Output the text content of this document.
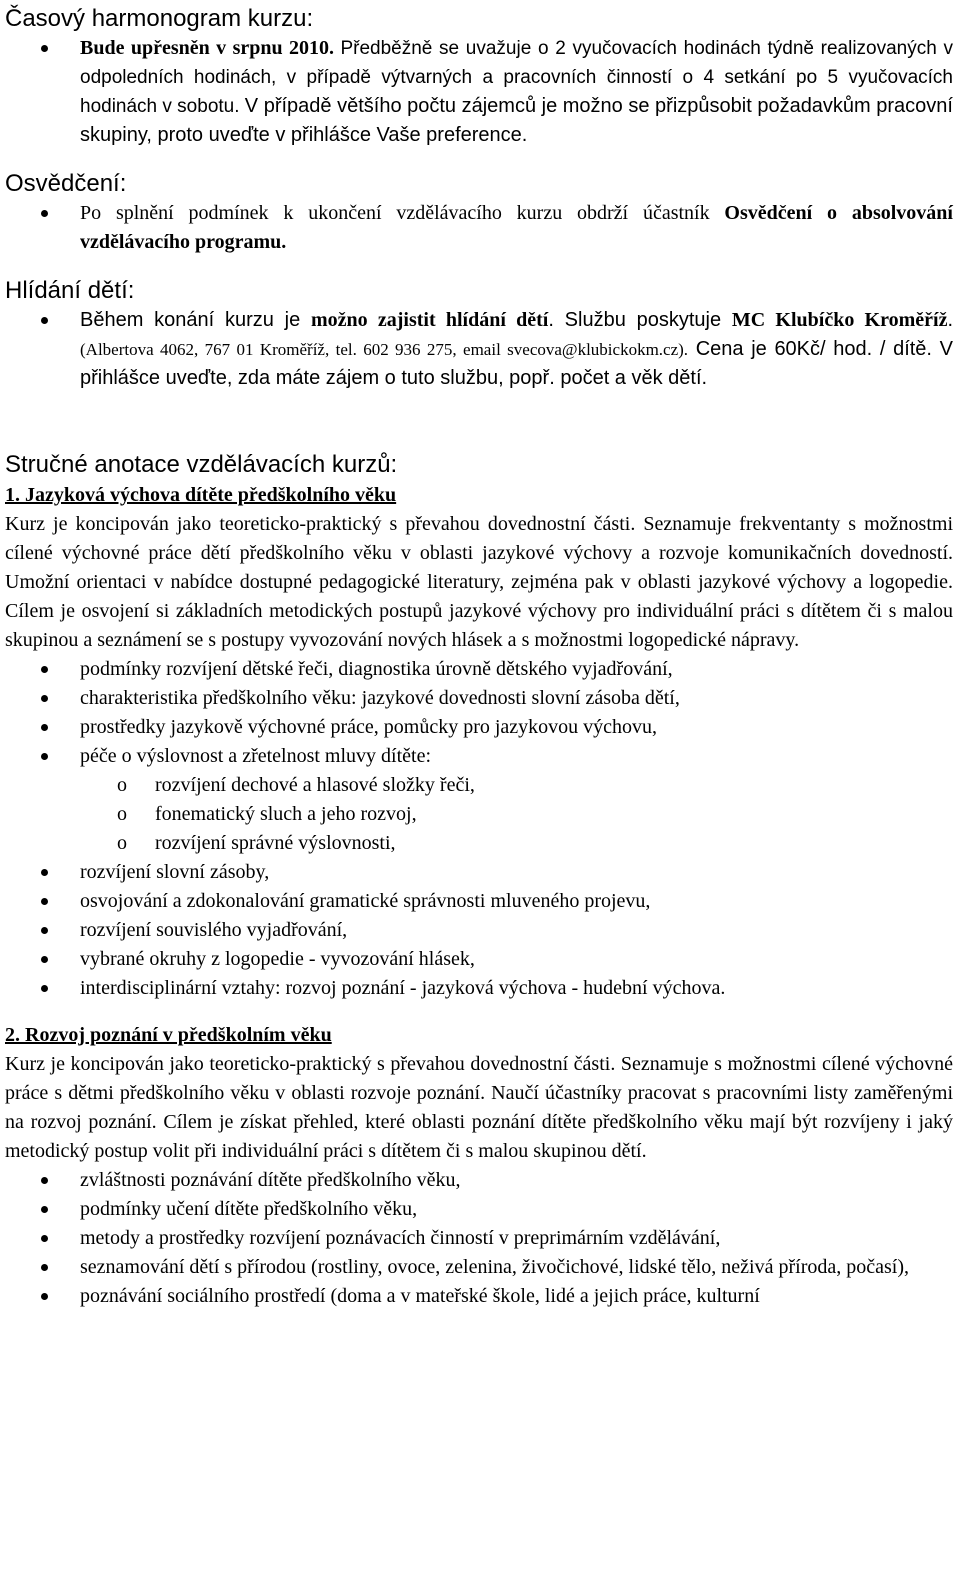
Časový harmonogram kurzu:
Bude upřesněn v srpnu 2010. Předběžně se uvažuje o 2 vyučovacích hodinách týdně realizovaných v odpoledních hodinách, v případě výtvarných a pracovních činností o 4 setkání po 5 vyučovacích hodinách v sobotu. V případě většího počtu zájemců je možno se přizpůsobit požadavkům pracovní skupiny, proto uveďte v přihlášce Vaše preference.
Osvědčení:
Po splnění podmínek k ukončení vzdělávacího kurzu obdrží účastník Osvědčení o absolvování vzdělávacího programu.
Hlídání dětí:
Během konání kurzu je možno zajistit hlídání dětí. Službu poskytuje MC Klubíčko Kroměříž. (Albertova 4062, 767 01 Kroměříž, tel. 602 936 275, email svecova@klubickokm.cz). Cena je 60Kč/ hod. / dítě. V přihlášce uveďte, zda máte zájem o tuto službu, popř. počet a věk dětí.
Stručné anotace vzdělávacích kurzů:
1. Jazyková výchova dítěte předškolního věku

Kurz je koncipován jako teoreticko-praktický s převahou dovednostní části. Seznamuje frekventanty s možnostmi cílené výchovné práce dětí předškolního věku v oblasti jazykové výchovy a rozvoje komunikačních dovedností. Umožní orientaci v nabídce dostupné pedagogické literatury, zejména pak v oblasti jazykové výchovy a logopedie. Cílem je osvojení si základních metodických postupů jazykové výchovy pro individuální práci s dítětem či s malou skupinou a seznámení se s postupy vyvozování nových hlásek a s možnostmi logopedické nápravy.

podmínky rozvíjení dětské řeči, diagnostika úrovně dětského vyjadřování,
charakteristika předškolního věku: jazykové dovednosti slovní zásoba dětí,
prostředky jazykově výchovné práce, pomůcky pro jazykovou výchovu,
péče o výslovnost a zřetelnost mluvy dítěte:
o rozvíjení dechové a hlasové složky řeči,
o fonematický sluch a jeho rozvoj,
o rozvíjení správné výslovnosti,
rozvíjení slovní zásoby,
osvojování a zdokonalování gramatické správnosti mluveného projevu,
rozvíjení souvislého vyjadřování,
vybrané okruhy z logopedie - vyvozování hlásek,
interdisciplinární vztahy: rozvoj poznání - jazyková výchova - hudební výchova.
2. Rozvoj poznání v předškolním věku

Kurz je koncipován jako teoreticko-praktický s převahou dovednostní části. Seznamuje s možnostmi cílené výchovné práce s dětmi předškolního věku v oblasti rozvoje poznání. Naučí účastníky pracovat s pracovními listy zaměřenými na rozvoj poznání. Cílem je získat přehled, které oblasti poznání dítěte předškolního věku mají být rozvíjeny i jaký metodický postup volit při individuální práci s dítětem či s malou skupinou dětí.

zvláštnosti poznávání dítěte předškolního věku,
podmínky učení dítěte předškolního věku,
metody a prostředky rozvíjení poznávacích činností v preprimárním vzdělávání,
seznamování dětí s přírodou (rostliny, ovoce, zelenina, živočichové, lidské tělo, neživá příroda, počasí),
poznávání sociálního prostředí (doma a v mateřské škole, lidé a jejich práce, kulturní
